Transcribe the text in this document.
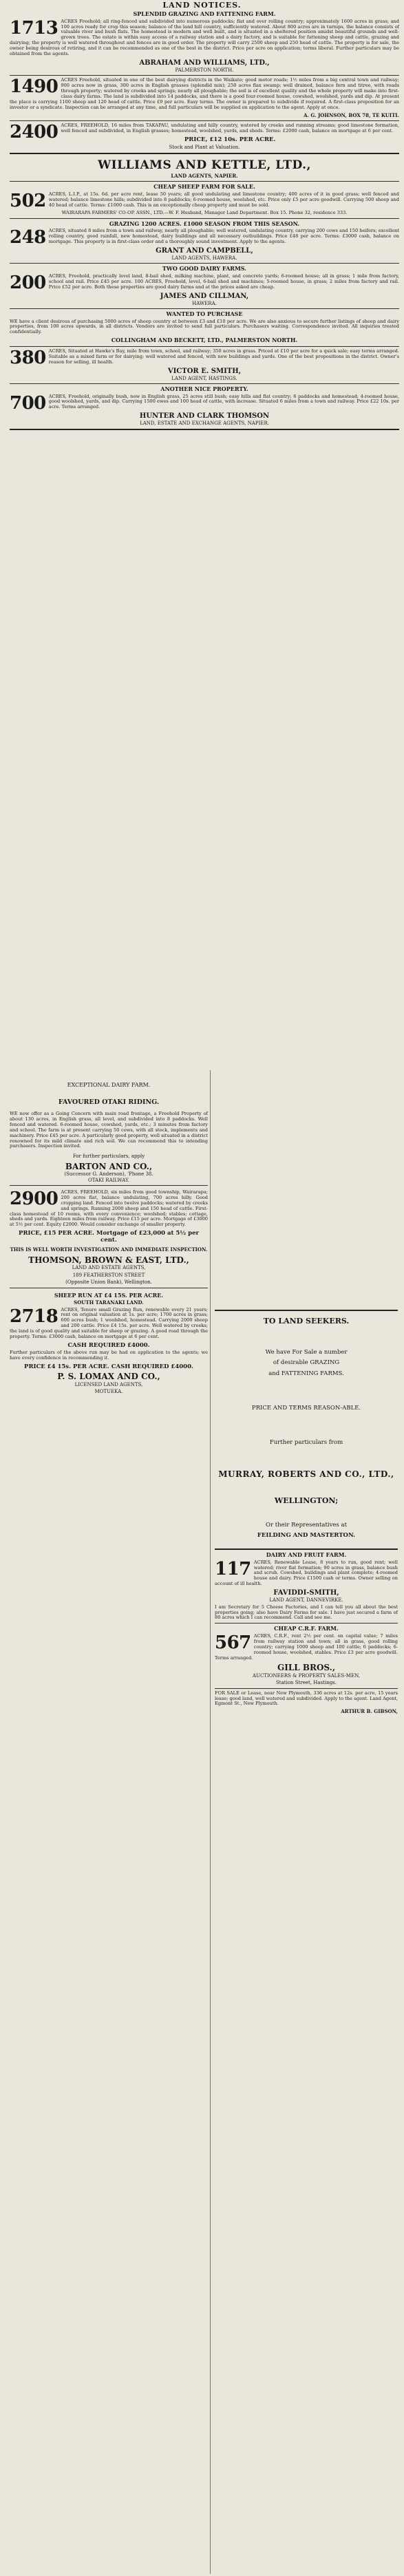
LAND NOTICES.
SPLENDID GRAZING AND FATTENING FARM.
1713 ACRES Freehold; all ring-fenced and subdivided into numerous paddocks; flat and over rolling country; approximately 1600 acres in grass; and 100 acres ready for crop this season; balance of the land hill country, sufficiently watered. About 800 acres are in turnips, the balance consists of valuable river and bush flats. The homestead is modern and well built, and is situated in a sheltered position amidst beautiful grounds and well-grown trees. The estate is within easy access of a railway station and a dairy factory, and is suitable for fattening sheep and cattle, grazing and dairying; the property is well watered throughout and fences are in good order. The property will carry 2500 sheep and 250 head of cattle. The property is for sale, the owner being desirous of retiring, and it can be recommended as one of the best in the district. Price per acre on application; terms liberal. Further particulars may be obtained from the agents.
ABRAHAM AND WILLIAMS, LTD.,
PALMERSTON NORTH.
1490 ACRES Freehold, situated in one of the best dairying districts in the Waikato; good motor roads; 1½ miles from a big central town and railway; 900 acres now in grass, 300 acres in English grasses (splendid mix); 250 acres flax swamp; well drained, balance fern and titree, with roads through property; watered by creeks and springs; nearly all ploughable; the soil is of excellent quality and the whole property will make into first-class dairy farms. The land is subdivided into 14 paddocks, and there is a good four-roomed house, cowshed, woolshed, yards and dip. At present the place is carrying 1100 sheep and 120 head of cattle. Price £9 per acre. Easy terms. The owner is prepared to subdivide if required. A first-class proposition for an investor or a syndicate. Inspection can be arranged at any time, and full particulars will be supplied on application to the agent. Apply at once.
A. G. JOHNSON, BOX 78, TE KUITI.
2400 ACRES, FREEHOLD, 16 miles from TAKAPAU, undulating and hilly country, watered by creeks and running streams; good limestone formation, well fenced and subdivided, in English grasses; homestead, woolshed, yards, and sheds. Terms: £2000 cash, balance on mortgage at 6 per cent.
PRICE, £12 10s. PER ACRE.
Stock and Plant at Valuation.
WILLIAMS AND KETTLE, LTD.,
LAND AGENTS, NAPIER.
CHEAP SHEEP FARM FOR SALE.
502 ACRES, L.I.P., at 15s. 6d. per acre rent, lease 50 years; all good undulating and limestone country; 400 acres of it in good grass; well fenced and watered; balance limestone hills; subdivided into 8 paddocks; 6-roomed house, woolshed, etc. Price only £5 per acre goodwill. Carrying 500 sheep and 40 head of cattle. Terms: £1000 cash. This is an exceptionally cheap property and must be sold.
WAIRARAPA FARMERS' CO-OP. ASSN., LTD.—W. F. Husband, Manager Land Department. Box 15. Phone 32, residence 333.
GRAZING 1200 ACRES. £1000 SEASON FROM THIS SEASON.
248 ACRES, situated 8 miles from a town and railway, nearly all ploughable; well watered, undulating country, carrying 200 cows and 150 heifers; excellent rolling country, good rainfall, new homestead, dairy buildings and all necessary outbuildings. Price £48 per acre. Terms: £3000 cash, balance on mortgage. This property is in first-class order and a thoroughly sound investment. Apply to the agents.
GRANT AND CAMPBELL,
LAND AGENTS, HAWERA.
TWO GOOD DAIRY FARMS.
200 ACRES, Freehold, practically level land, 8-bail shed, milking machine, plant, and concrete yards; 6-roomed house; all in grass; 1 mile from factory, school and rail. Price £45 per acre. 100 ACRES, Freehold, level, 6-bail shed and machines; 5-roomed house, in grass; 2 miles from factory and rail. Price £52 per acre. Both these properties are good dairy farms and at the prices asked are cheap.
JAMES AND CILLMAN,
HAWERA.
WANTED TO PURCHASE
WE have a client desirous of purchasing 5000 acres of sheep country at between £3 and £10 per acre. We are also anxious to secure further listings of sheep and dairy properties, from 100 acres upwards, in all districts. Vendors are invited to send full particulars. Purchasers waiting. Correspondence invited. All inquiries treated confidentially.
COLLINGHAM AND BECKETT, LTD., PALMERSTON NORTH.
380 ACRES, Situated at Hawke's Bay, mile from town, school, and railway; 350 acres in grass. Priced at £10 per acre for a quick sale; easy terms arranged. Suitable as a mixed farm or for dairying; well watered and fenced, with new buildings and yards. One of the best propositions in the district. Owner's reason for selling, ill health.
VICTOR E. SMITH,
LAND AGENT, HASTINGS.
ANOTHER NICE PROPERTY.
700 ACRES, Freehold, originally bush, now in English grass, 25 acres still bush; easy hills and flat country; 6 paddocks and homestead; 4-roomed house, good woolshed, yards, and dip. Carrying 1500 ewes and 100 head of cattle, with increase. Situated 6 miles from a town and railway. Price £22 10s. per acre. Terms arranged.
HUNTER AND CLARK THOMSON
LAND, ESTATE AND EXCHANGE AGENTS, NAPIER.
EXCEPTIONAL DAIRY FARM.
FAVOURED OTAKI RIDING.
WE now offer as a Going Concern with main road frontage, a Freehold Property of about 130 acres, in English grass, all level, and subdivided into 8 paddocks. Well fenced and watered. 6-roomed house, cowshed, yards, etc.; 3 minutes from factory and school. The farm is at present carrying 50 cows, with all stock, implements and machinery. Price £45 per acre. A particularly good property, well situated in a district renowned for its mild climate and rich soil. We can recommend this to intending purchasers. Inspection invited.
For further particulars, apply
BARTON AND CO.,
(Successor G. Anderson), 'Phone 38.
OTAKI RAILWAY.
2900 ACRES, FREEHOLD, six miles from good township, Wairarapa; 200 acres flat, balance undulating, 700 acres hilly. Good cropping land. Fenced into twelve paddocks; watered by creeks and springs. Running 2000 sheep and 150 head of cattle. First-class homestead of 10 rooms, with every convenience; woolshed; stables; cottage, sheds and yards. Eighteen miles from railway. Price £15 per acre. Mortgage of £3000 at 5½ per cent. Equity £2000. Would consider exchange of smaller property.
PRICE, £15 PER ACRE. Mortgage of £23,000 at 5½ per cent.
THIS IS WELL WORTH INVESTIGATION AND IMMEDIATE INSPECTION.
THOMSON, BROWN & EAST, LTD.,
LAND AND ESTATE AGENTS,
189 FEATHERSTON STREET
(Opposite Union Bank), Wellington.
SHEEP RUN AT £4 15S. PER ACRE.
SOUTH TARANAKI LAND.
2718 ACRES, Tenure small Grazing Run, renewable every 21 years; rent on original valuation at 1s. per acre; 1700 acres in grass; 600 acres bush; 1 woolshed, homestead. Carrying 2000 sheep and 200 cattle. Price £4 15s. per acre. Well watered by creeks; the land is of good quality and suitable for sheep or grazing. A good road through the property. Terms: £3000 cash, balance on mortgage at 6 per cent.
CASH REQUIRED £4000.
Further particulars of the above run may be had on application to the agents; we have every confidence in recommending it.
PRICE £4 15s. PER ACRE. CASH REQUIRED £4000.
P. S. LOMAX AND CO.,
LICENSED LAND AGENTS,
MOTUEKA.
TO LAND SEEKERS.
We have For Sale a number
of desirable GRAZING
and FATTENING FARMS.
PRICE AND TERMS REASON-ABLE.
Further particulars from
MURRAY, ROBERTS AND CO., LTD.,
WELLINGTON;
Or their Representatives at
FEILDING AND MASTERTON.
DAIRY AND FRUIT FARM.
117 ACRES, Renewable Lease, 8 years to run, good rent; well watered; river flat formation; 90 acres in grass, balance bush and scrub. Cowshed, buildings and plant complete; 4-roomed house and dairy. Price £1500 cash or terms. Owner selling on account of ill health.
FAVIDDI-SMITH,
LAND AGENT, DANNEVIRKE.
I am Secretary for 5 Cheese Factories, and I can tell you all about the best properties going; also have Dairy Farms for sale. I have just secured a farm of 80 acres which I can recommend. Call and see me.
CHEAP C.R.F. FARM.
567 ACRES, C.R.F., rent 2½ per cent. on capital value; 7 miles from railway station and town; all in grass, good rolling country; carrying 1000 sheep and 100 cattle; 6 paddocks; 6-roomed house, woolshed, stables. Price £3 per acre goodwill. Terms arranged.
GILL BROS.,
AUCTIONEERS & PROPERTY SALES-MEN,
Station Street, Hastings.
FOR SALE or Lease, near New Plymouth, 336 acres at 12s. per acre, 15 years lease; good land, well watered and subdivided. Apply to the agent. Land Agent, Egmont St., New Plymouth.
ARTHUR B. GIBSON,
